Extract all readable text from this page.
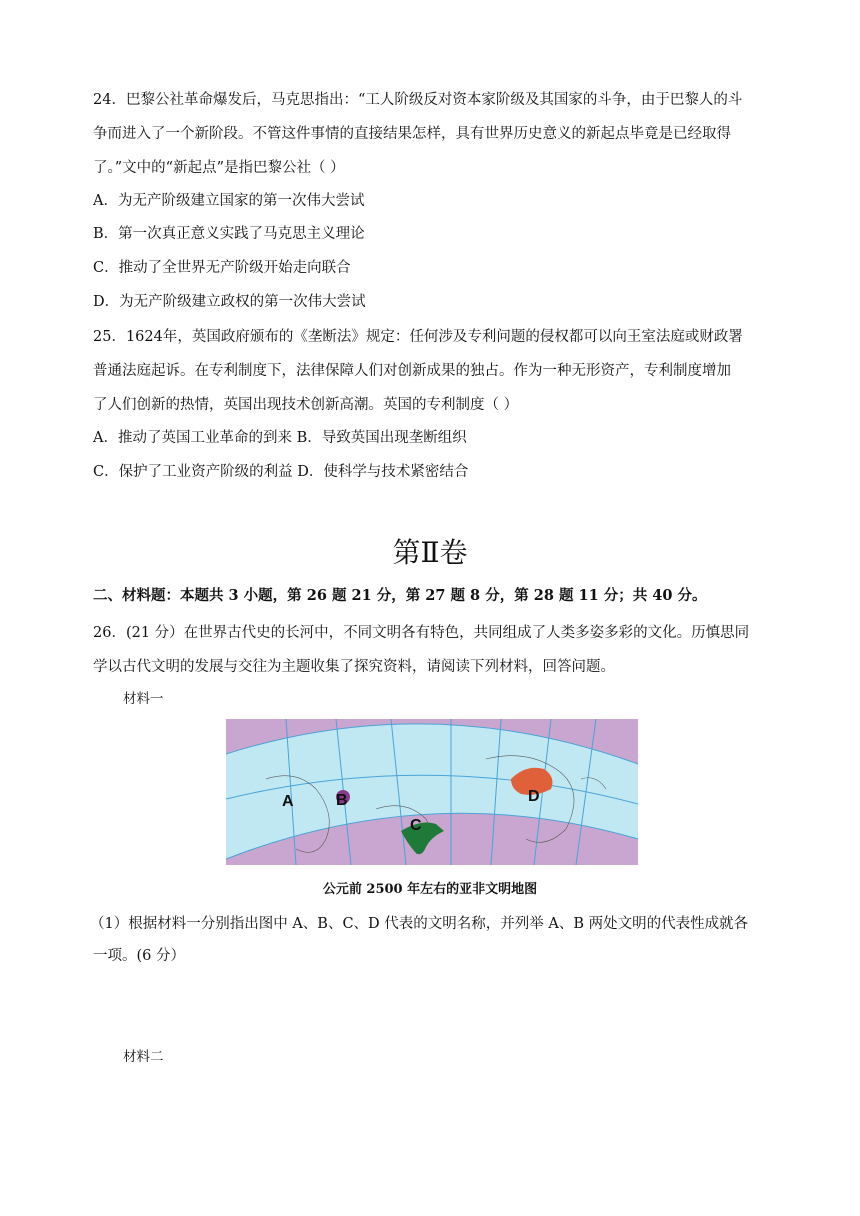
24．巴黎公社革命爆发后，马克思指出：“工人阶级反对资本家阶级及其国家的斗争，由于巴黎人的斗
争而进入了一个新阶段。不管这件事情的直接结果怎样，具有世界历史意义的新起点毕竟是已经取得
了。”文中的“新起点”是指巴黎公社（ ）
A．为无产阶级建立国家的第一次伟大尝试
B．第一次真正意义实践了马克思主义理论
C．推动了全世界无产阶级开始走向联合
D．为无产阶级建立政权的第一次伟大尝试
25．1624年，英国政府颁布的《垄断法》规定：任何涉及专利问题的侵权都可以向王室法庭或财政署
普通法庭起诉。在专利制度下，法律保障人们对创新成果的独占。作为一种无形资产，专利制度增加
了人们创新的热情，英国出现技术创新高潮。英国的专利制度（ ）
A．推动了英国工业革命的到来 B．导致英国出现垄断组织
C．保护了工业资产阶级的利益 D．使科学与技术紧密结合
第Ⅱ卷
二、材料题：本题共 3 小题，第 26 题 21 分，第 27 题 8 分，第 28 题 11 分；共 40 分。
26．(21 分）在世界古代史的长河中，不同文明各有特色，共同组成了人类多姿多彩的文化。历慎思同
学以古代文明的发展与交往为主题收集了探究资料，请阅读下列材料，回答问题。
材料一
A	B
C
D
公元前 2500 年左右的亚非文明地图
（1）根据材料一分别指出图中 A、B、C、D 代表的文明名称，并列举 A、B 两处文明的代表性成就各
一项。(6 分）
材料二
